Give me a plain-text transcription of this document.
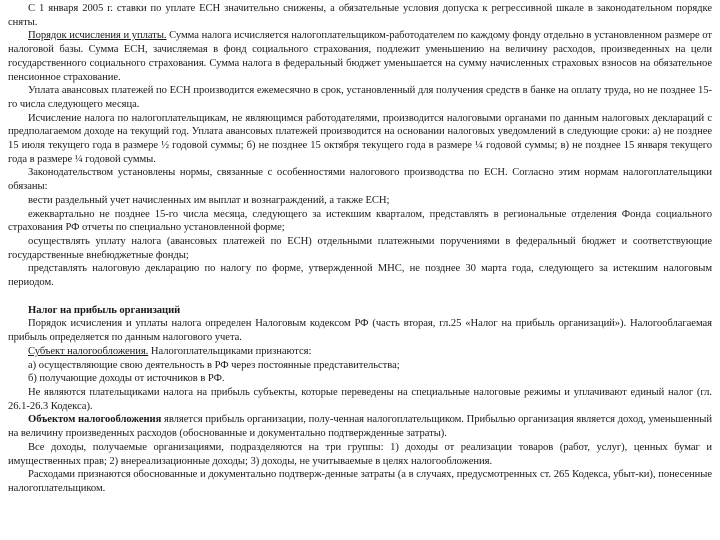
С 1 января 2005 г. ставки по уплате ЕСН значительно снижены, а обязательные условия допуска к регрессивной шкале в законодательном порядке сняты.

Порядок исчисления и уплаты. Сумма налога исчисляется налогоплательщиком-работодателем по каждому фонду отдельно в установленном размере от налоговой базы. Сумма ЕСН, зачисляемая в фонд социального страхования, подлежит уменьшению на величину расходов, произведенных на цели государственного социального страхования. Сумма налога в федеральный бюджет уменьшается на сумму начисленных страховых взносов на обязательное пенсионное страхование.

Уплата авансовых платежей по ЕСН производится ежемесячно в срок, установленный для получения средств в банке на оплату труда, но не позднее 15-го числа следующего месяца.

Исчисление налога по налогоплательщикам, не являющимся работодателями, производится налоговыми органами по данным налоговых деклараций с предполагаемом доходе на текущий год. Уплата авансовых платежей производится на основании налоговых уведомлений в следующие сроки: а) не позднее 15 июля текущего года в размере ½ годовой суммы; б) не позднее 15 октября текущего года в размере ¼ годовой суммы; в) не позднее 15 января текущего года в размере ¼ годовой суммы.

Законодательством установлены нормы, связанные с особенностями налогового производства по ЕСН. Согласно этим нормам налогоплательщики обязаны:

вести раздельный учет начисленных им выплат и вознаграждений, а также ЕСН;

ежеквартально не позднее 15-го числа месяца, следующего за истекшим кварталом, представлять в региональные отделения Фонда социального страхования РФ отчеты по специально установленной форме;

осуществлять уплату налога (авансовых платежей по ЕСН) отдельными платежными поручениями в федеральный бюджет и соответствующие государственные внебюджетные фонды;

представлять налоговую декларацию по налогу по форме, утвержденной МНС, не позднее 30 марта года, следующего за истекшим налоговым периодом.

Налог на прибыль организаций

Порядок исчисления и уплаты налога определен Налоговым кодексом РФ (часть вторая, гл.25 «Налог на прибыль организаций»). Налогооблагаемая прибыль определяется по данным налогового учета.

Субъект налогообложения. Налогоплательщиками признаются:

а) осуществляющие свою деятельность в РФ через постоянные представительства;

б) получающие доходы от источников в РФ.

Не являются плательщиками налога на прибыль субъекты, которые переведены на специальные налоговые режимы и уплачивают единый налог (гл. 26.1-26.3 Кодекса).

Объектом налогообложения является прибыль организации, полу-ченная налогоплательщиком. Прибылью организация является доход, уменьшенный на величину произведенных расходов (обоснованные и документально подтвержденные затраты).

Все доходы, получаемые организациями, подразделяются на три группы: 1) доходы от реализации товаров (работ, услуг), ценных бумаг и имущественных прав; 2) внереализационные доходы; 3) доходы, не учитываемые в целях налогообложения.

Расходами признаются обоснованные и документально подтверж-денные затраты (а в случаях, предусмотренных ст. 265 Кодекса, убыт-ки), понесенные налогоплательщиком.
